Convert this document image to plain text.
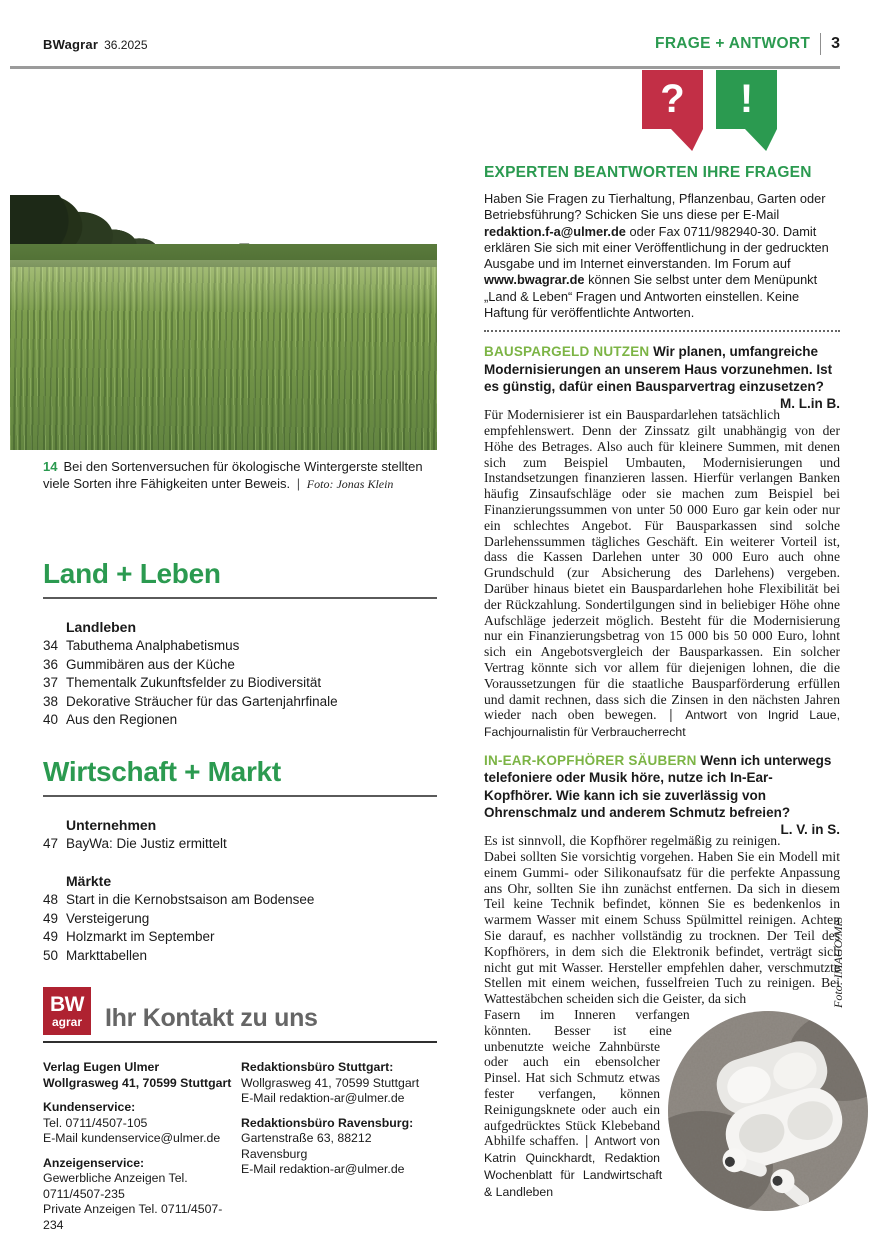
BWagrar 36.2025	FRAGE + ANTWORT 3
14 Bei den Sortenversuchen für ökologische Wintergerste stellten viele Sorten ihre Fähigkeiten unter Beweis. | Foto: Jonas Klein
Land + Leben
Landleben
34 Tabuthema Analphabetismus
36 Gummibären aus der Küche
37 Thementalk Zukunftsfelder zu Biodiversität
38 Dekorative Sträucher für das Gartenjahrfinale
40 Aus den Regionen
Wirtschaft + Markt
Unternehmen
47 BayWa: Die Justiz ermittelt
Märkte
48 Start in die Kernobstsaison am Bodensee
49 Versteigerung
49 Holzmarkt im September
50 Markttabellen
BW
agrar Ihr Kontakt zu uns
Verlag Eugen Ulmer
Wollgrasweg 41, 70599 Stuttgart
Kundenservice:
Tel. 0711/4507-105
E-Mail kundenservice@ulmer.de
Anzeigenservice:
Gewerbliche Anzeigen Tel. 0711/4507-235
Private Anzeigen Tel. 0711/4507-234
Redaktionsbüro Stuttgart:
Wollgrasweg 41, 70599 Stuttgart
E-Mail redaktion-ar@ulmer.de
Redaktionsbüro Ravensburg:
Gartenstraße 63, 88212 Ravensburg
E-Mail redaktion-ar@ulmer.de
? !
EXPERTEN BEANTWORTEN IHRE FRAGEN
Haben Sie Fragen zu Tierhaltung, Pflanzenbau, Garten oder Betriebsführung? Schicken Sie uns diese per E-Mail redaktion.f-a@ulmer.de oder Fax 0711/982940-30. Damit erklären Sie sich mit einer Veröffentlichung in der gedruckten Ausgabe und im Internet einverstanden. Im Forum auf www.bwagrar.de können Sie selbst unter dem Menüpunkt „Land & Leben“ Fragen und Antworten einstellen. Keine Haftung für veröffentlichte Antworten.
BAUSPARGELD NUTZEN Wir planen, umfangreiche Modernisierungen an unserem Haus vorzunehmen. Ist es günstig, dafür einen Bausparvertrag einzusetzen?
M. L.in B.
Für Modernisierer ist ein Bauspardarlehen tatsächlich empfehlenswert. Denn der Zinssatz gilt unabhängig von der Höhe des Betrages. Also auch für kleinere Summen, mit denen sich zum Beispiel Umbauten, Modernisierungen und Instandsetzungen finanzieren lassen. Hierfür verlangen Banken häufig Zinsaufschläge oder sie machen zum Beispiel bei Finanzierungssummen von unter 50 000 Euro gar kein oder nur ein schlechtes Angebot. Für Bausparkassen sind solche Darlehenssummen tägliches Geschäft. Ein weiterer Vorteil ist, dass die Kassen Darlehen unter 30 000 Euro auch ohne Grundschuld (zur Absicherung des Darlehens) vergeben. Darüber hinaus bietet ein Bauspardarlehen hohe Flexibilität bei der Rückzahlung. Sondertilgungen sind in beliebiger Höhe ohne Aufschläge jederzeit möglich. Besteht für die Modernisierung nur ein Finanzierungsbetrag von 15 000 bis 50 000 Euro, lohnt sich ein Angebotsvergleich der Bausparkassen. Ein solcher Vertrag könnte sich vor allem für diejenigen lohnen, die die Voraussetzungen für die staatliche Bausparförderung erfüllen und damit rechnen, dass sich die Zinsen in den nächsten Jahren wieder nach oben bewegen. | Antwort von Ingrid Laue, Fachjournalistin für Verbraucherrecht
IN-EAR-KOPFHÖRER SÄUBERN Wenn ich unterwegs telefoniere oder Musik höre, nutze ich In-Ear-Kopfhörer. Wie kann ich sie zuverlässig von Ohrenschmalz und anderem Schmutz befreien?
L. V. in S.
Es ist sinnvoll, die Kopfhörer regelmäßig zu reinigen. Dabei sollten Sie vorsichtig vorgehen. Haben Sie ein Modell mit einem Gummi- oder Silikonaufsatz für die perfekte Anpassung ans Ohr, sollten Sie ihn zunächst entfernen. Da sich in diesem Teil keine Technik befindet, können Sie es bedenkenlos in warmem Wasser mit einem Schuss Spülmittel reinigen. Achten Sie darauf, es nachher vollständig zu trocknen. Der Teil des Kopfhörers, in dem sich die Elektronik befindet, verträgt sich nicht gut mit Wasser. Hersteller empfehlen daher, verschmutzte Stellen mit einem weichen, fusselfreien Tuch zu reinigen. Bei Wattestäbchen scheiden sich die Geister, da sich
Fasern im Inneren verfangen könnten. Besser ist eine unbenutzte weiche Zahnbürste oder auch ein ebensolcher Pinsel. Hat sich Schmutz etwas fester verfangen, können Reinigungsknete oder auch ein aufgedrücktes Stück Klebeband Abhilfe schaffen. | Antwort von Katrin Quinckhardt, Redaktion Wochenblatt für Landwirtschaft & Landleben
Foto: IMAGO/MiS
